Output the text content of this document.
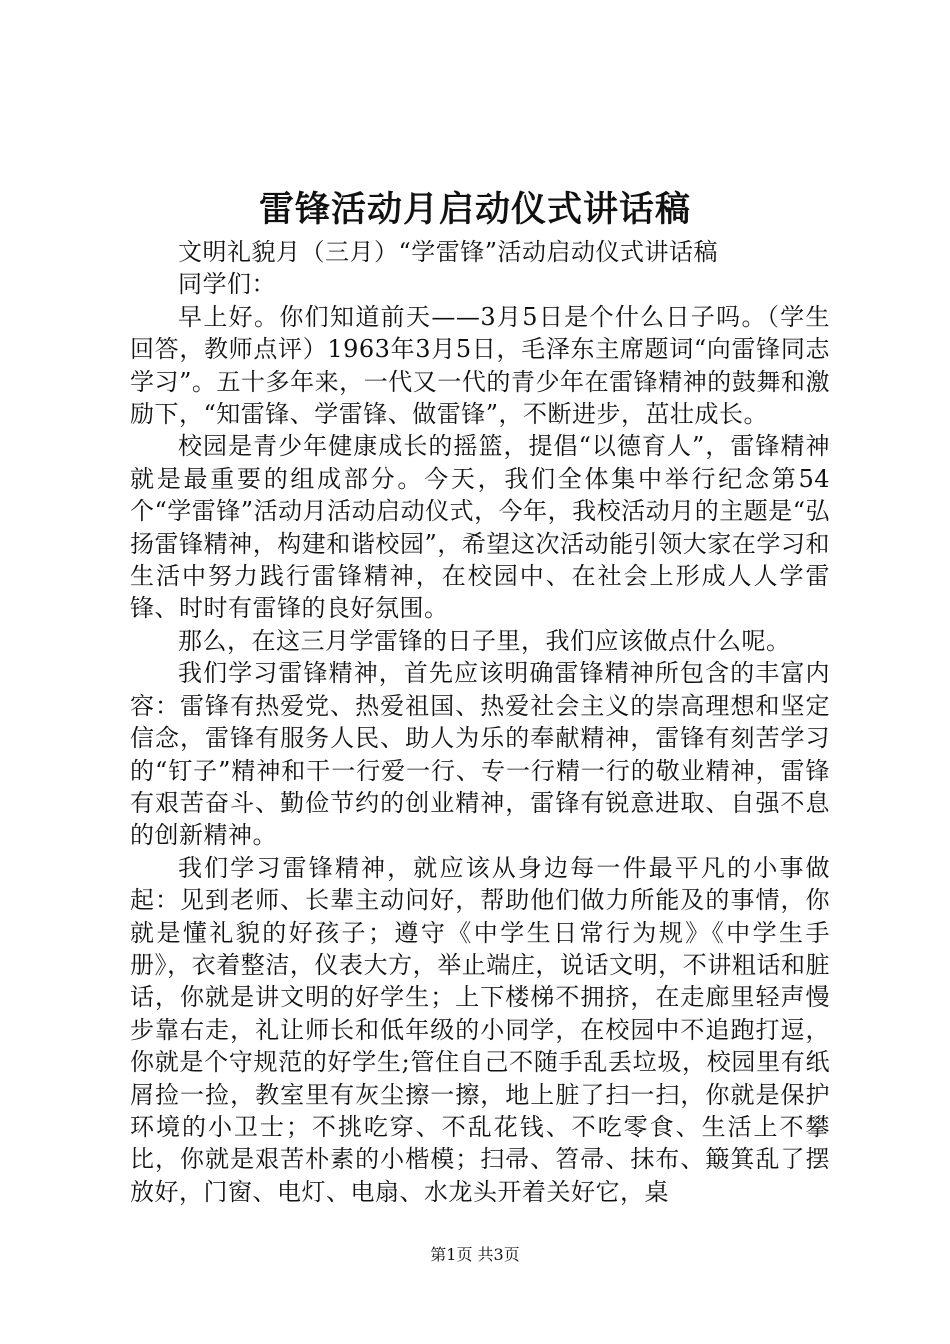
雷锋活动月启动仪式讲话稿

文明礼貌月（三月）“学雷锋”活动启动仪式讲话稿

同学们：

早上好。你们知道前天——3月5日是个什么日子吗。（学生回答，教师点评）1963年3月5日，毛泽东主席题词“向雷锋同志学习”。五十多年来，一代又一代的青少年在雷锋精神的鼓舞和激励下，“知雷锋、学雷锋、做雷锋”，不断进步，茁壮成长。

校园是青少年健康成长的摇篮，提倡“以德育人”，雷锋精神就是最重要的组成部分。今天，我们全体集中举行纪念第54个“学雷锋”活动月活动启动仪式，今年，我校活动月的主题是“弘扬雷锋精神，构建和谐校园”，希望这次活动能引领大家在学习和生活中努力践行雷锋精神，在校园中、在社会上形成人人学雷锋、时时有雷锋的良好氛围。

那么，在这三月学雷锋的日子里，我们应该做点什么呢。

我们学习雷锋精神，首先应该明确雷锋精神所包含的丰富内容：雷锋有热爱党、热爱祖国、热爱社会主义的崇高理想和坚定信念，雷锋有服务人民、助人为乐的奉献精神，雷锋有刻苦学习的“钉子”精神和干一行爱一行、专一行精一行的敬业精神，雷锋有艰苦奋斗、勤俭节约的创业精神，雷锋有锐意进取、自强不息的创新精神。

我们学习雷锋精神，就应该从身边每一件最平凡的小事做起：见到老师、长辈主动问好，帮助他们做力所能及的事情，你就是懂礼貌的好孩子；遵守《中学生日常行为规》《中学生手册》，衣着整洁，仪表大方，举止端庄，说话文明，不讲粗话和脏话，你就是讲文明的好学生；上下楼梯不拥挤，在走廊里轻声慢步靠右走，礼让师长和低年级的小同学，在校园中不追跑打逗，你就是个守规范的好学生;管住自己不随手乱丢垃圾，校园里有纸屑捡一捡，教室里有灰尘擦一擦，地上脏了扫一扫，你就是保护环境的小卫士；不挑吃穿、不乱花钱、不吃零食、生活上不攀比，你就是艰苦朴素的小楷模；扫帚、笤帚、抹布、簸箕乱了摆放好，门窗、电灯、电扇、水龙头开着关好它，桌

第1页 共3页
